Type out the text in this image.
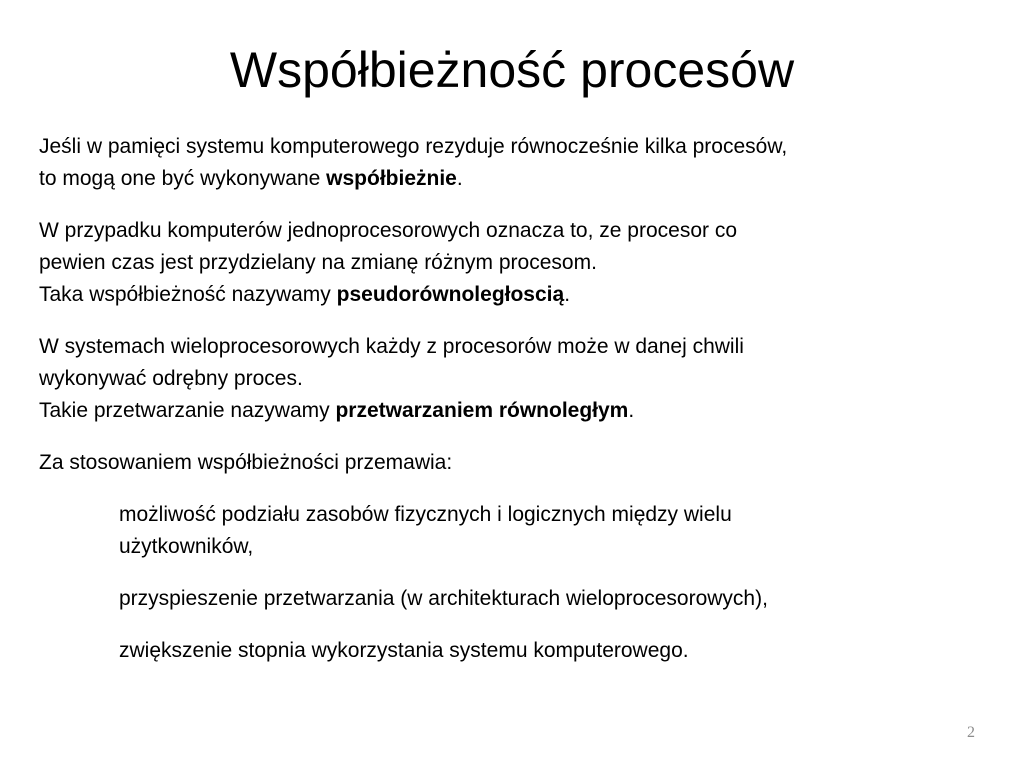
Współbieżność procesów

Jeśli w pamięci systemu komputerowego rezyduje równocześnie kilka procesów,
to mogą one być wykonywane współbieżnie.

W przypadku komputerów jednoprocesorowych oznacza to, ze procesor co
pewien czas jest przydzielany na zmianę różnym procesom.
Taka współbieżność nazywamy pseudorównoległoscią.

W systemach wieloprocesorowych każdy z procesorów może w danej chwili
wykonywać odrębny proces.
Takie przetwarzanie nazywamy przetwarzaniem równoległym.

Za stosowaniem współbieżności przemawia:

możliwość podziału zasobów fizycznych i logicznych między wielu
użytkowników,

przyspieszenie przetwarzania (w architekturach wieloprocesorowych),

zwiększenie stopnia wykorzystania systemu komputerowego.

2
